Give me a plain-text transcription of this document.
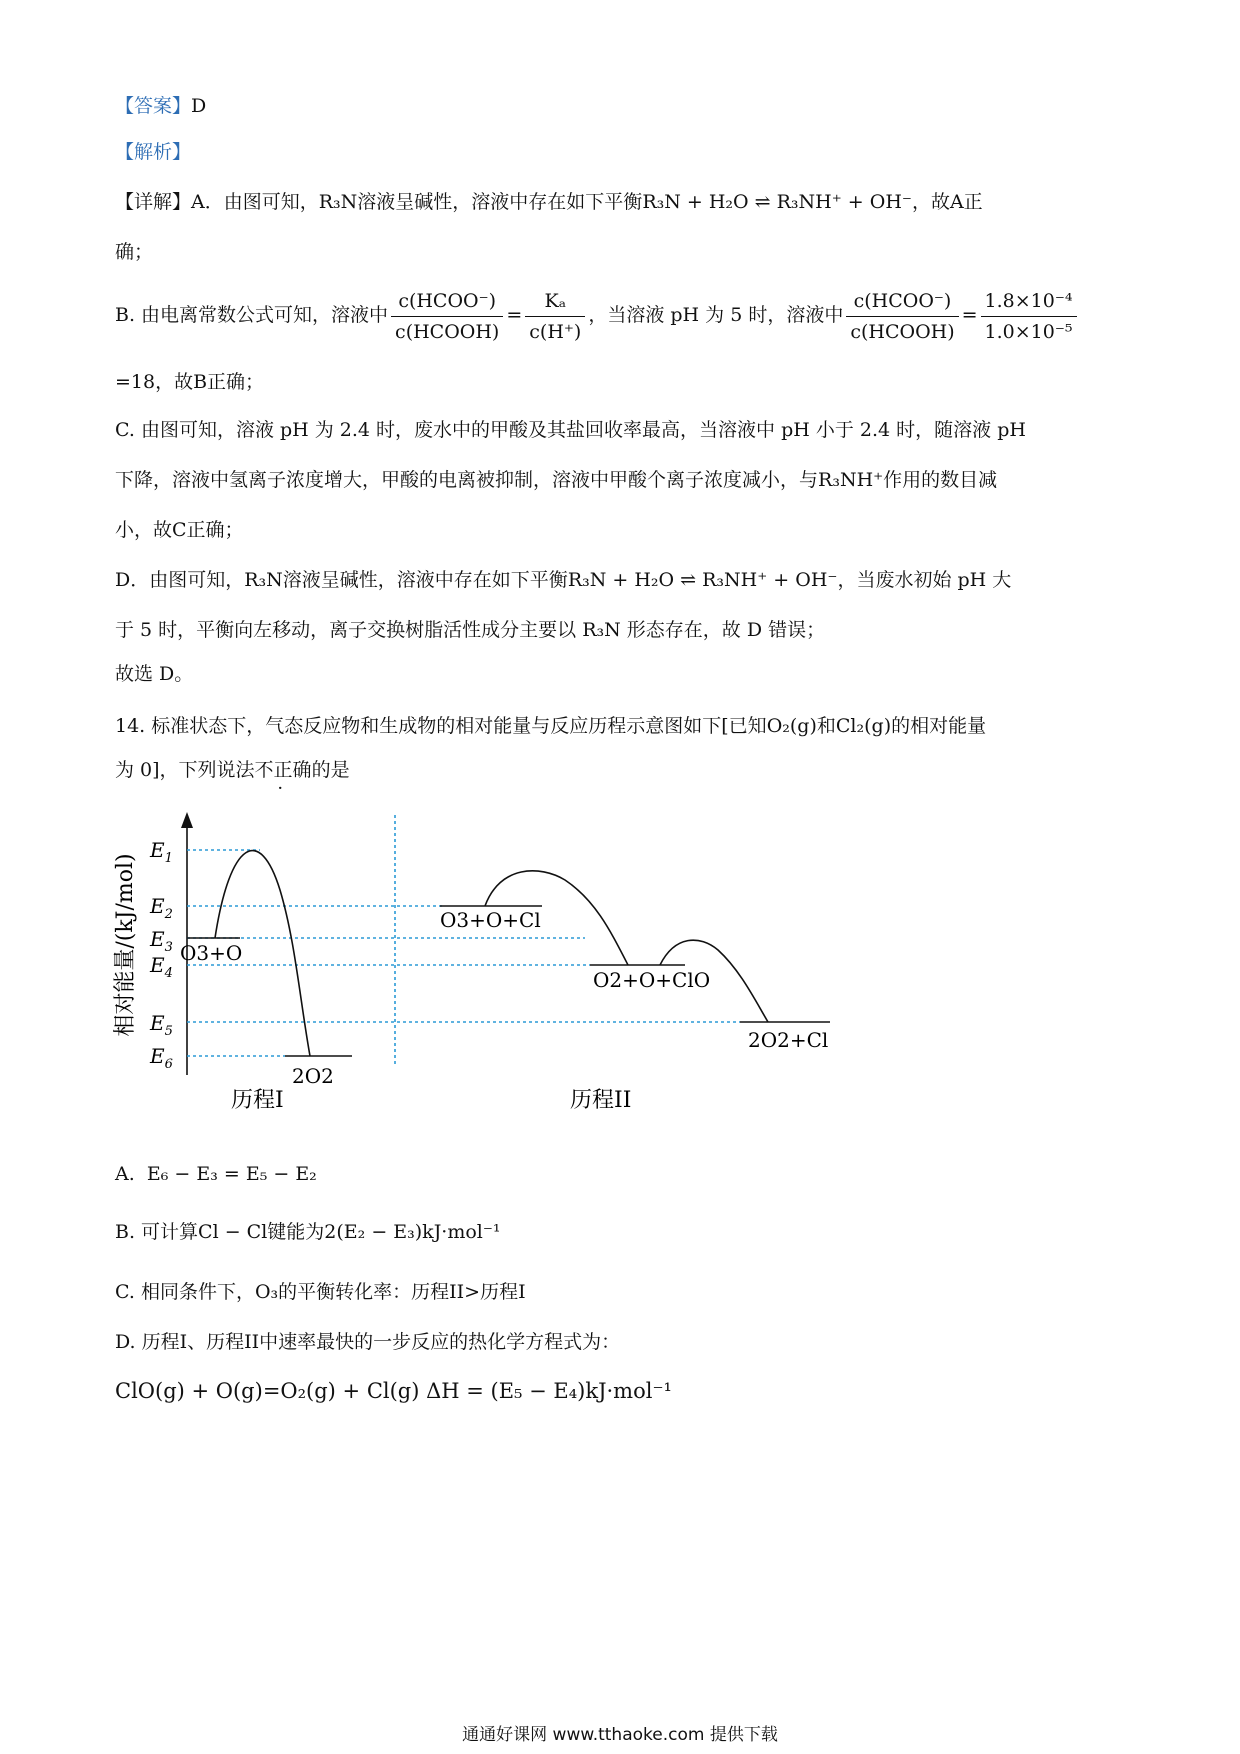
【答案】D
【解析】
【详解】A．由图可知，R₃N溶液呈碱性，溶液中存在如下平衡R₃N + H₂O ⇌ R₃NH⁺ + OH⁻，故A正
确；
B. 由电离常数公式可知，溶液中 $\frac{\text{c(HCOO⁻)}}{\text{c(HCOOH)}} = \frac{\text{Kₐ}}{c(H^+)}$ ，当溶液 pH 为 5 时，溶液中 $\frac{\text{c(HCOO⁻)}}{\text{c(HCOOH)}} = \frac{\text{1.8×10⁻⁴}}{\text{1.0×10⁻⁵}}$
=18，故B正确；
C. 由图可知，溶液 pH 为 2.4 时，废水中的甲酸及其盐回收率最高，当溶液中 pH 小于 2.4 时，随溶液 pH
下降，溶液中氢离子浓度增大，甲酸的电离被抑制，溶液中甲酸个离子浓度减小，与R₃NH⁺作用的数目减
小，故C正确；
D．由图可知，R₃N溶液呈碱性，溶液中存在如下平衡R₃N + H₂O ⇌ R₃NH⁺ + OH⁻，当废水初始 pH 大
于 5 时，平衡向左移动，离子交换树脂活性成分主要以 R₃N 形态存在，故 D 错误；
故选 D。
14. 标准状态下，气态反应物和生成物的相对能量与反应历程示意图如下[已知O₂(g)和Cl₂(g)的相对能量
为 0]，下列说法不正确的是
相对能量/(kJ/mol)
$E_1$
$E_2$
$E_3$
$E_4$
$E_5$
$E_6$
O3+O
2O2
O3+O+Cl
O2+O+ClO
2O2+Cl
历程I	历程II
A. E₆ − E₃ = E₅ − E₂
B. 可计算Cl − Cl键能为2(E₂ − E₃)kJ·mol⁻¹
C. 相同条件下，O₃的平衡转化率：历程II>历程I
D. 历程I、历程II中速率最快的一步反应的热化学方程式为：
ClO(g) + O(g)=O₂(g) + Cl(g) ΔH = (E₅ − E₄)kJ·mol⁻¹
通通好课网 www.tthaoke.com 提供下载
